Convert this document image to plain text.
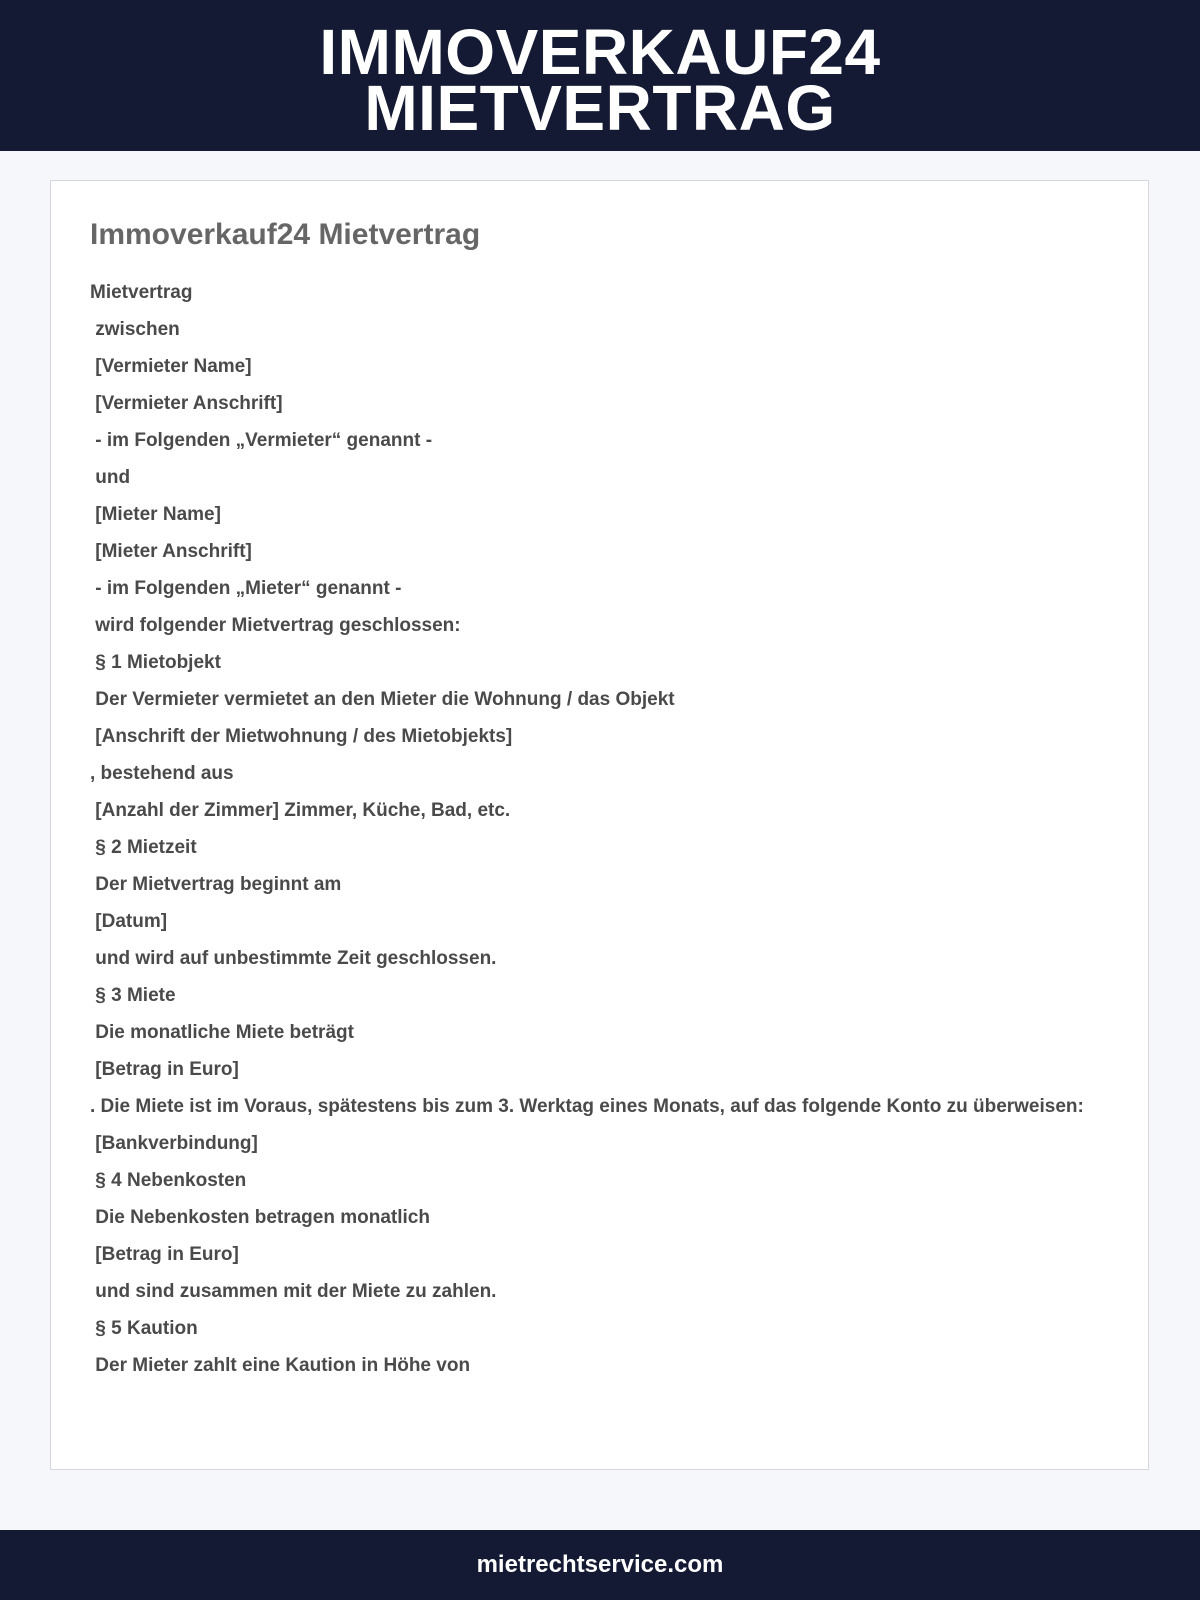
IMMOVERKAUF24
MIETVERTRAG
Immoverkauf24 Mietvertrag

Mietvertrag

zwischen

[Vermieter Name]

[Vermieter Anschrift]

- im Folgenden „Vermieter“ genannt -

und

[Mieter Name]

[Mieter Anschrift]

- im Folgenden „Mieter“ genannt -

wird folgender Mietvertrag geschlossen:

§ 1 Mietobjekt

Der Vermieter vermietet an den Mieter die Wohnung / das Objekt

[Anschrift der Mietwohnung / des Mietobjekts]

, bestehend aus

[Anzahl der Zimmer] Zimmer, Küche, Bad, etc.

§ 2 Mietzeit

Der Mietvertrag beginnt am

[Datum]

und wird auf unbestimmte Zeit geschlossen.

§ 3 Miete

Die monatliche Miete beträgt

[Betrag in Euro]

. Die Miete ist im Voraus, spätestens bis zum 3. Werktag eines Monats, auf das folgende Konto zu überweisen:

[Bankverbindung]

§ 4 Nebenkosten

Die Nebenkosten betragen monatlich

[Betrag in Euro]

und sind zusammen mit der Miete zu zahlen.

§ 5 Kaution

Der Mieter zahlt eine Kaution in Höhe von

mietrechtservice.com
